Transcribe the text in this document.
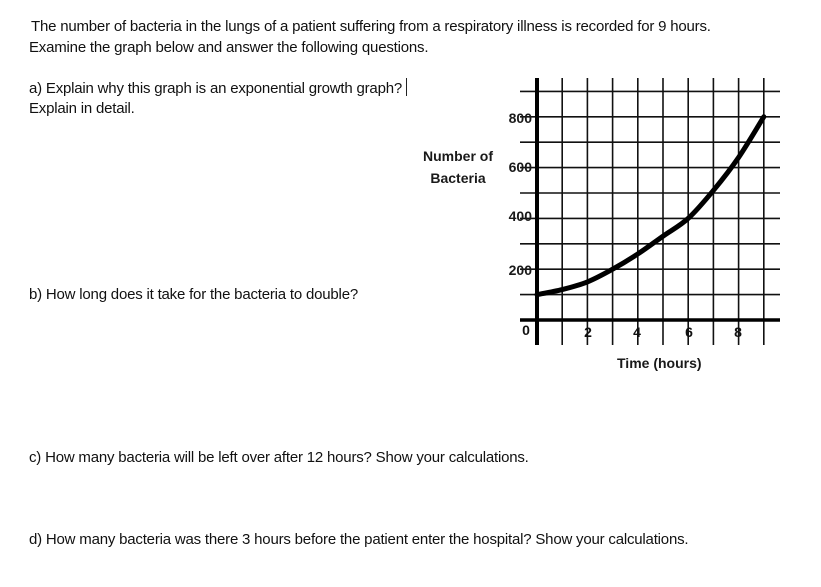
The number of bacteria in the lungs of a patient suffering from a respiratory illness is recorded for 9 hours.
Examine the graph below and answer the following questions.
a) Explain why this graph is an exponential growth graph?
Explain in detail.
b) How long does it take for the bacteria to double?
c) How many bacteria will be left over after 12 hours? Show your calculations.
d) How many bacteria was there 3 hours before the patient enter the hospital? Show your calculations.
Number of
Bacteria
800
600
400
200
0	2	4	6	8
Time (hours)
